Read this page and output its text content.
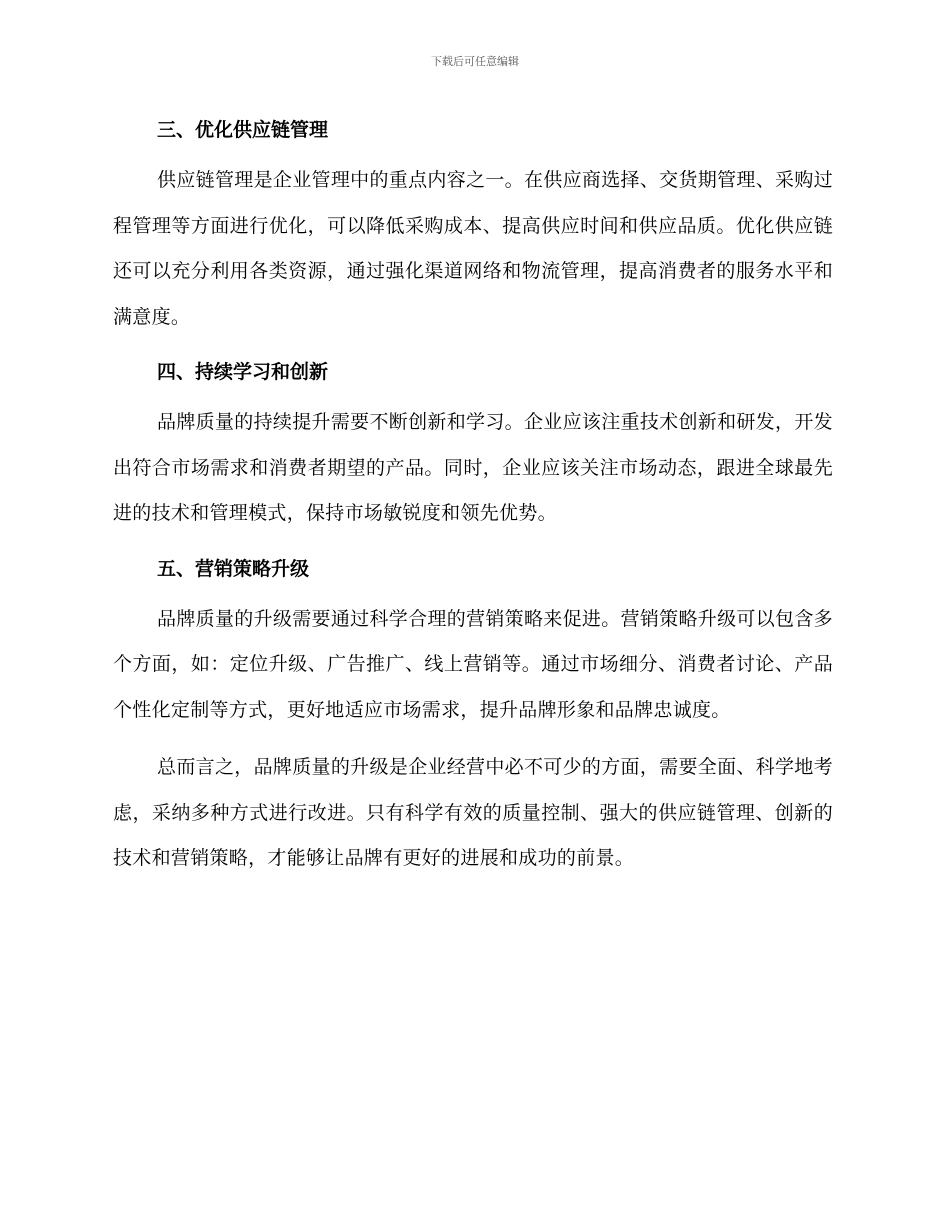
下载后可任意编辑
三、优化供应链管理

供应链管理是企业管理中的重点内容之一。在供应商选择、交货期管理、采购过程管理等方面进行优化，可以降低采购成本、提高供应时间和供应品质。优化供应链还可以充分利用各类资源，通过强化渠道网络和物流管理，提高消费者的服务水平和满意度。

四、持续学习和创新

品牌质量的持续提升需要不断创新和学习。企业应该注重技术创新和研发，开发出符合市场需求和消费者期望的产品。同时，企业应该关注市场动态，跟进全球最先进的技术和管理模式，保持市场敏锐度和领先优势。

五、营销策略升级

品牌质量的升级需要通过科学合理的营销策略来促进。营销策略升级可以包含多个方面，如：定位升级、广告推广、线上营销等。通过市场细分、消费者讨论、产品个性化定制等方式，更好地适应市场需求，提升品牌形象和品牌忠诚度。

总而言之，品牌质量的升级是企业经营中必不可少的方面，需要全面、科学地考虑，采纳多种方式进行改进。只有科学有效的质量控制、强大的供应链管理、创新的技术和营销策略，才能够让品牌有更好的进展和成功的前景。
